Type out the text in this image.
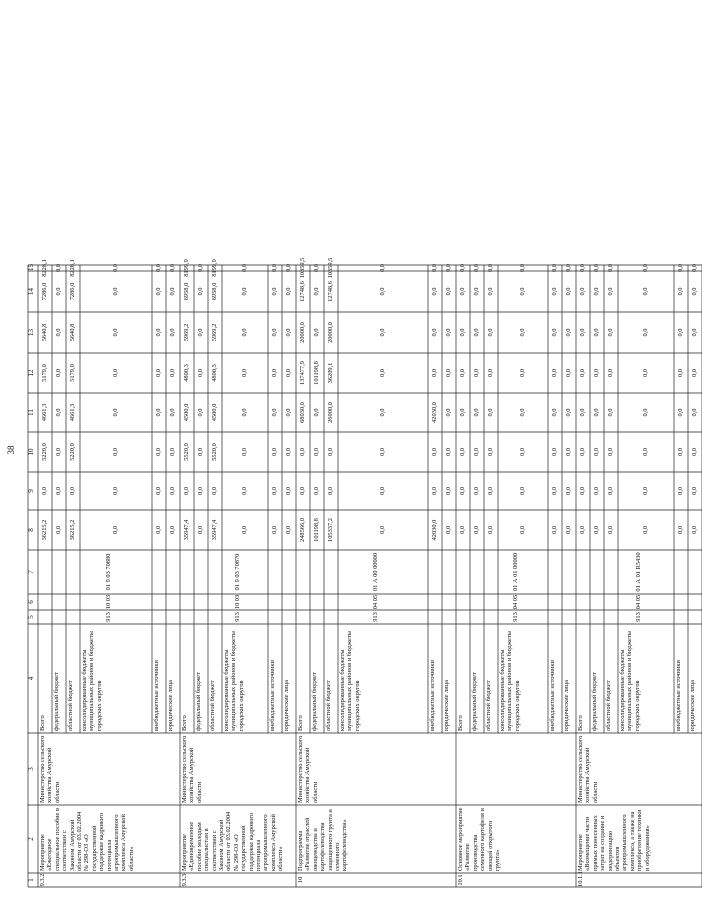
38
1
2
3
4
5
6
7
8
9
10
11
12
13
14
15
9.3.2
Мероприятие «Ежегодное специальное пособие в соответствии с Законом Амурской области от 03.02.2004 № 298-ОЗ «О государственной поддержке кадрового потенциала агропромышленного комплекса Амурской области»
Министерство сельского хозяйства Амурской области
913
10 03
01 9 03 70880
Всего
36215,2
0,0
5220,0
4661,3
5179,0
5640,8
7286,0
8228,1
федеральный бюджет
0,0
0,0
0,0
0,0
0,0
0,0
0,0
0,0
областной бюджет
36215,2
0,0
5220,0
4661,3
5179,0
5640,8
7286,0
8228,1
консолидированные бюджеты муниципальных районов и бюджеты городских округов
0,0
0,0
0,0
0,0
0,0
0,0
0,0
0,0
внебюджетные источники
0,0
0,0
0,0
0,0
0,0
0,0
0,0
0,0
юридические лица
0,0
0,0
0,0
0,0
0,0
0,0
0,0
0,0
9.3.3
Мероприятие «Единовременное пособие молодым специалистам в соответствии с Законом Амурской области от 03.02.2004 № 298-ОЗ «О государственной поддержке кадрового потенциала агропромышленного комплекса Амурской области»
Министерство сельского хозяйства Амурской области
913
10 03
01 9 03 70870
Всего
35947,4
0,0
5520,0
4500,0
4800,3
5969,2
6958,0
8199,9
федеральный бюджет
0,0
0,0
0,0
0,0
0,0
0,0
0,0
0,0
областной бюджет
35947,4
0,0
5520,0
4500,0
4800,3
5969,2
6958,0
8199,9
консолидированные бюджеты муниципальных районов и бюджеты городских округов
0,0
0,0
0,0
0,0
0,0
0,0
0,0
0,0
внебюджетные источники
0,0
0,0
0,0
0,0
0,0
0,0
0,0
0,0
юридические лица
0,0
0,0
0,0
0,0
0,0
0,0
0,0
0,0
10
Подпрограмма «Развитие отраслей овощеводства и картофелеводства защищенного грунта и семенного картофелеводства»
Министерство сельского хозяйства Амурской области
913
04 05
01 А 00 00000
Всего
248566,0
0,0
0,0
68030,0
137477,9
20000,0
12748,6
10359,5
федеральный бюджет
101198,8
0,0
0,0
0,0
101198,8
0,0
0,0
0,0
областной бюджет
105337,2
0,0
0,0
26000,0
36209,1
20000,0
12748,6
10359,5
консолидированные бюджеты муниципальных районов и бюджеты городских округов
0,0
0,0
0,0
0,0
0,0
0,0
0,0
0,0
внебюджетные источники
42030,0
0,0
0,0
42030,0
0,0
0,0
0,0
0,0
юридические лица
0,0
0,0
0,0
0,0
0,0
0,0
0,0
0,0
10.1
Основное мероприятие «Развитие производства семенного картофеля и овощей открытого грунта»
913
04 05
01 А 01 00000
Всего
0,0
0,0
0,0
0,0
0,0
0,0
0,0
0,0
федеральный бюджет
0,0
0,0
0,0
0,0
0,0
0,0
0,0
0,0
областной бюджет
0,0
0,0
0,0
0,0
0,0
0,0
0,0
0,0
консолидированные бюджеты муниципальных районов и бюджеты городских округов
0,0
0,0
0,0
0,0
0,0
0,0
0,0
0,0
внебюджетные источники
0,0
0,0
0,0
0,0
0,0
0,0
0,0
0,0
юридические лица
0,0
0,0
0,0
0,0
0,0
0,0
0,0
0,0
10.1.1
Мероприятие «Возмещение части прямых понесенных затрат на создание и модернизацию объектов агропромышленного комплекса, а также на приобретение техники и оборудования»
Министерство сельского хозяйства Амурской области
913
04 05
01 А 01 R5430
Всего
0,0
0,0
0,0
0,0
0,0
0,0
0,0
0,0
федеральный бюджет
0,0
0,0
0,0
0,0
0,0
0,0
0,0
0,0
областной бюджет
0,0
0,0
0,0
0,0
0,0
0,0
0,0
0,0
консолидированные бюджеты муниципальных районов и бюджеты городских округов
0,0
0,0
0,0
0,0
0,0
0,0
0,0
0,0
внебюджетные источники
0,0
0,0
0,0
0,0
0,0
0,0
0,0
0,0
юридические лица
0,0
0,0
0,0
0,0
0,0
0,0
0,0
0,0
